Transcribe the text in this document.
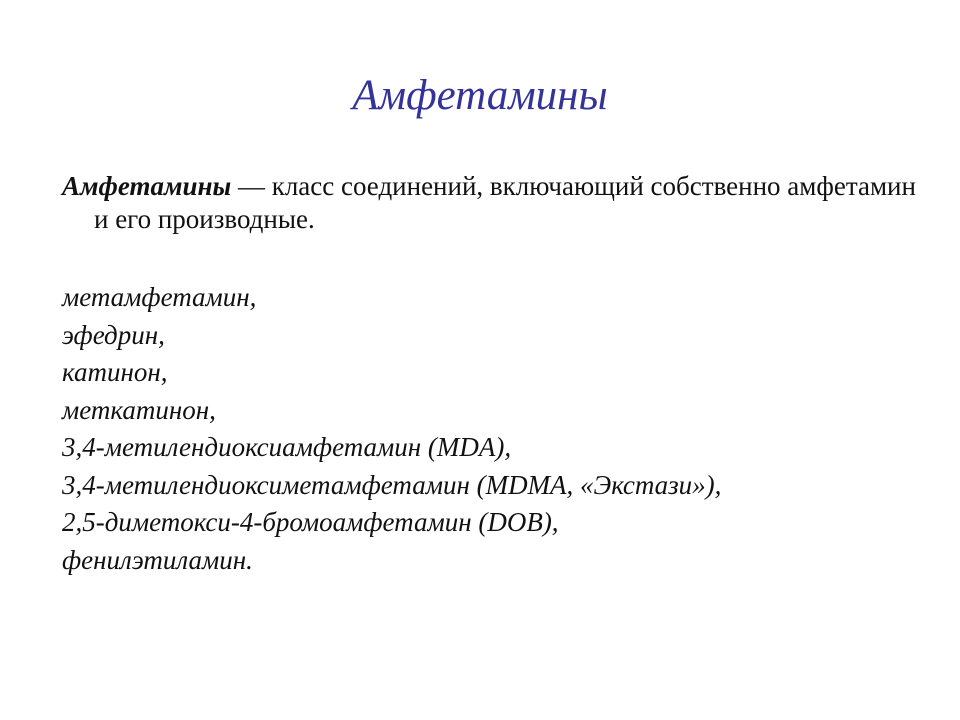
Амфетамины

Амфетамины — класс соединений, включающий собственно амфетамин и его производные.

метамфетамин,
эфедрин,
катинон,
меткатинон,
3,4-метилендиоксиамфетамин (MDA),
3,4-метилендиоксиметамфетамин (MDMA, «Экстази»),
2,5-диметокси-4-бромоамфетамин (DOB),
фенилэтиламин.
